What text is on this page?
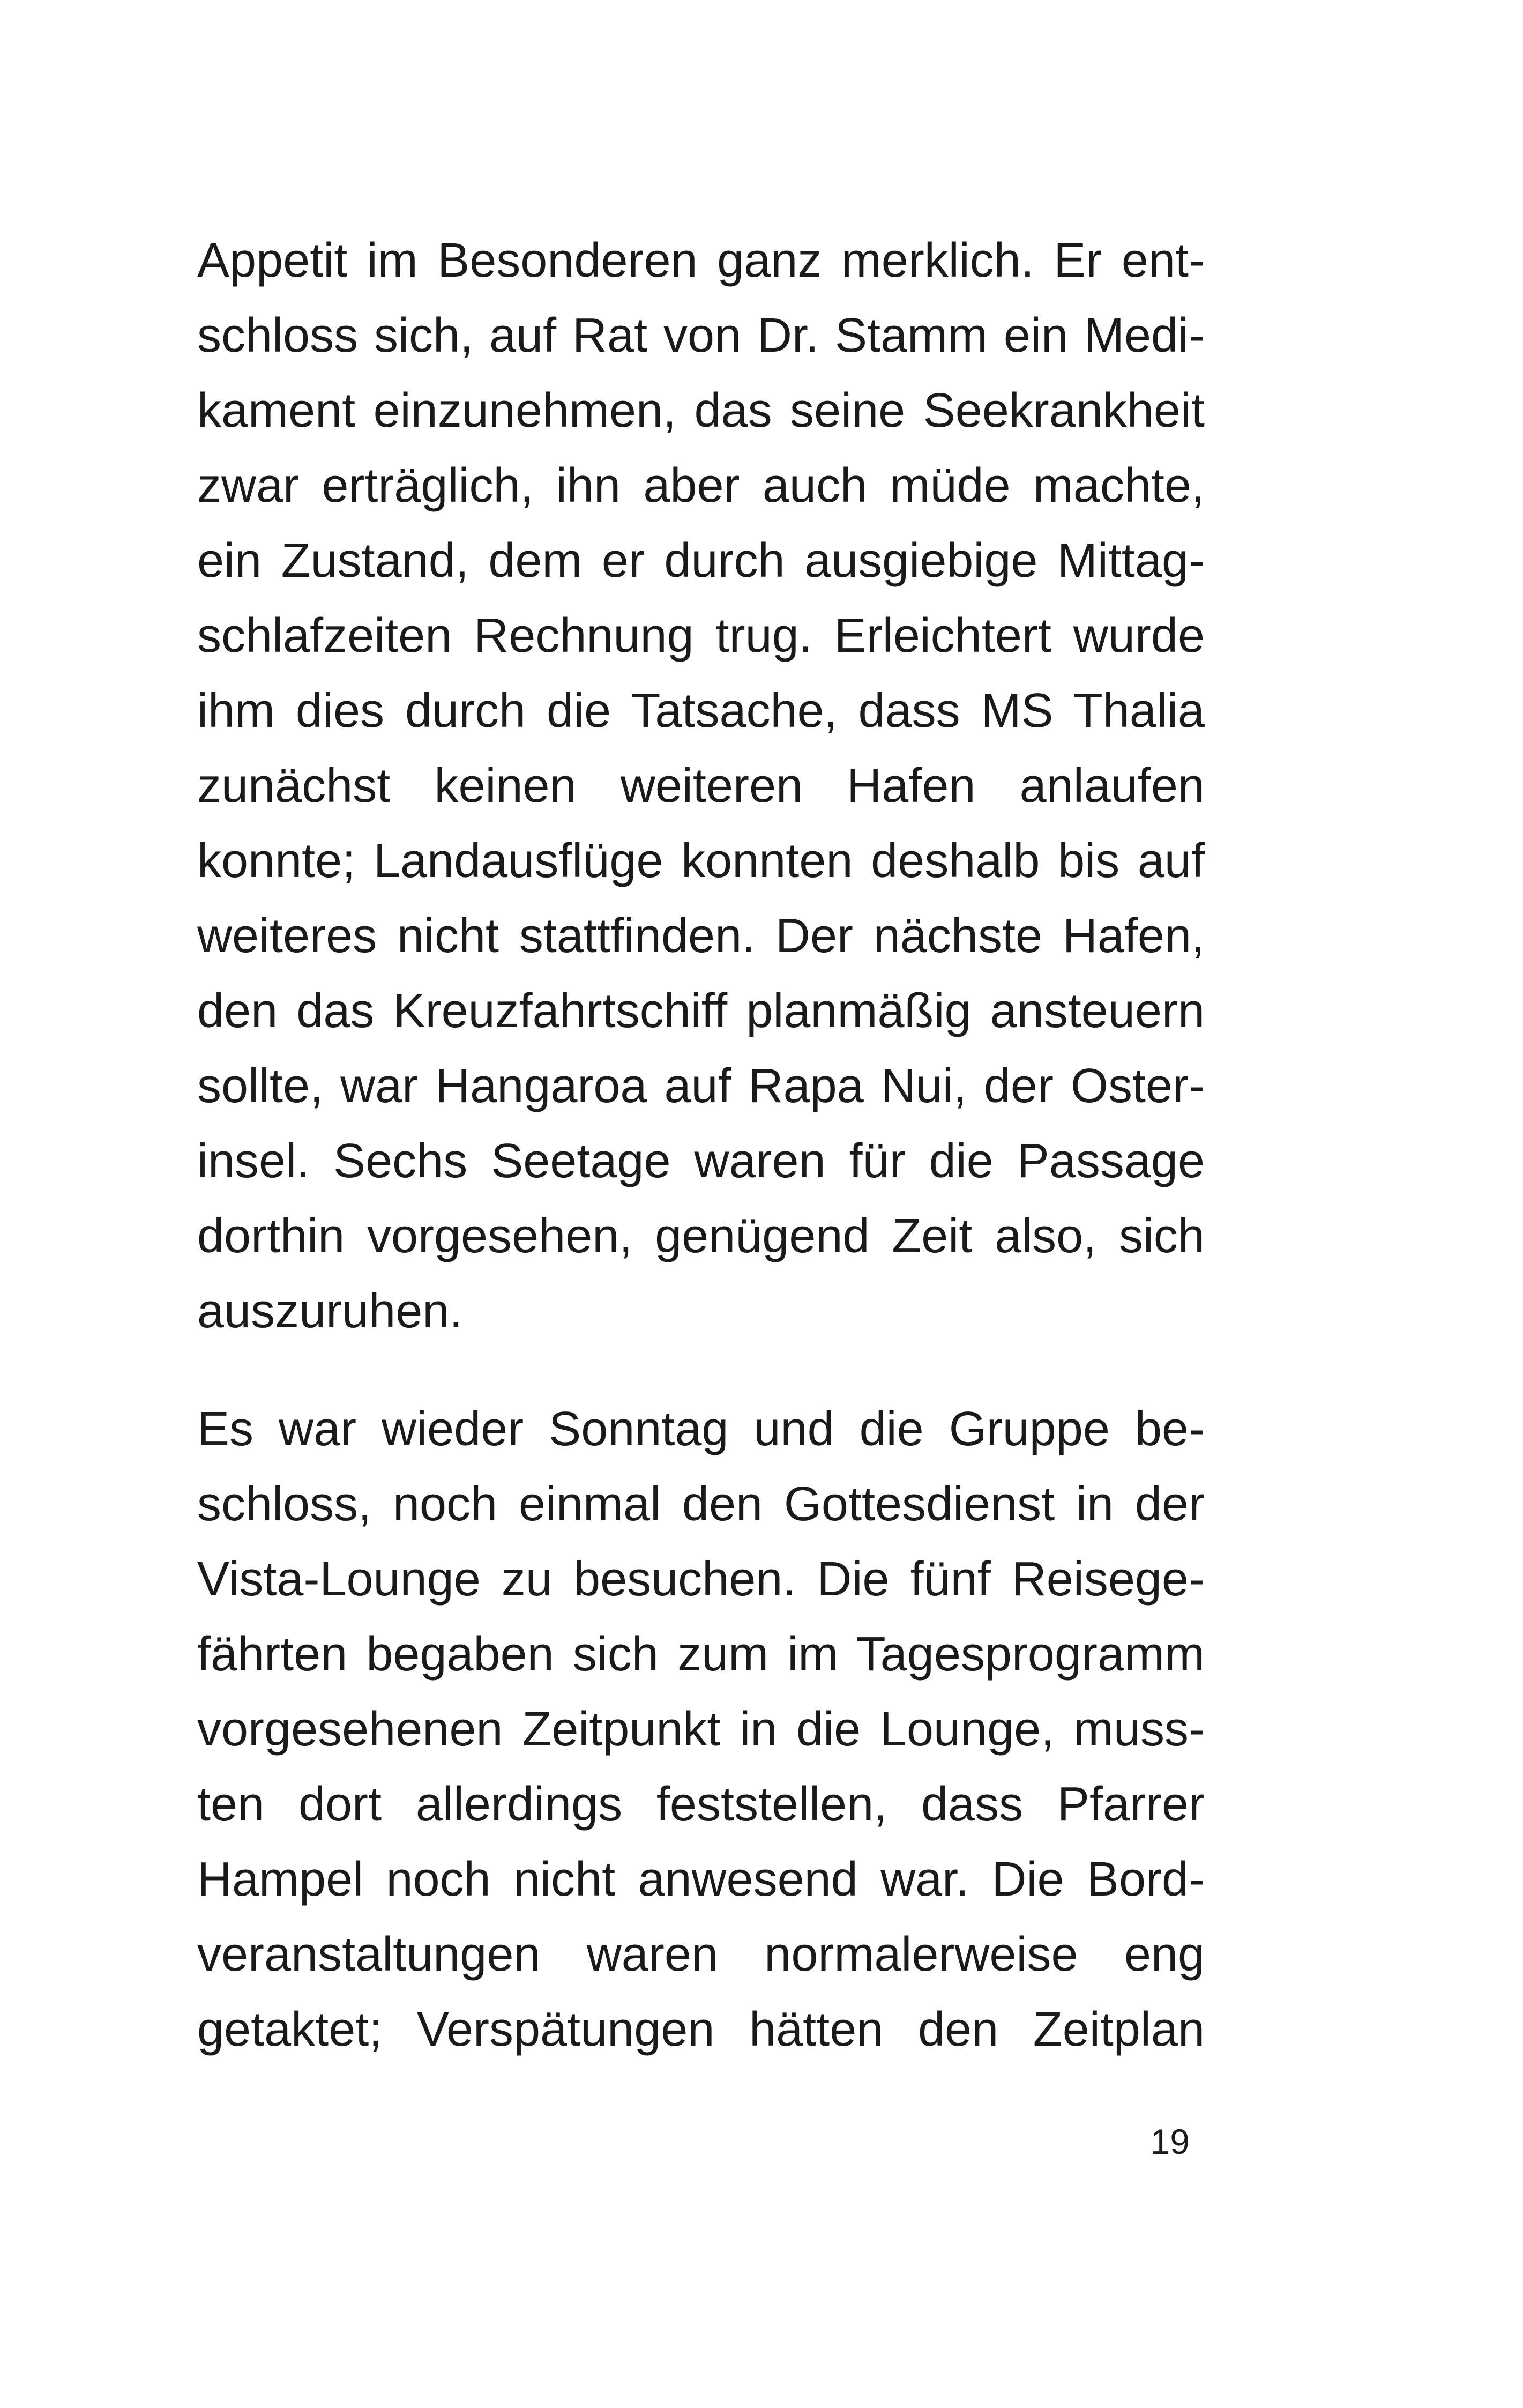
Appetit im Besonderen ganz merklich. Er ent-
schloss sich, auf Rat von Dr. Stamm ein Medi-
kament einzunehmen, das seine Seekrankheit
zwar erträglich, ihn aber auch müde machte,
ein Zustand, dem er durch ausgiebige Mittag-
schlafzeiten Rechnung trug. Erleichtert wurde
ihm dies durch die Tatsache, dass MS Thalia
zunächst keinen weiteren Hafen anlaufen
konnte; Landausflüge konnten deshalb bis auf
weiteres nicht stattfinden. Der nächste Hafen,
den das Kreuzfahrtschiff planmäßig ansteuern
sollte, war Hangaroa auf Rapa Nui, der Oster-
insel. Sechs Seetage waren für die Passage
dorthin vorgesehen, genügend Zeit also, sich
auszuruhen.
Es war wieder Sonntag und die Gruppe be-
schloss, noch einmal den Gottesdienst in der
Vista-Lounge zu besuchen. Die fünf Reisege-
fährten begaben sich zum im Tagesprogramm
vorgesehenen Zeitpunkt in die Lounge, muss-
ten dort allerdings feststellen, dass Pfarrer
Hampel noch nicht anwesend war. Die Bord-
veranstaltungen waren normalerweise eng
getaktet; Verspätungen hätten den Zeitplan
19
